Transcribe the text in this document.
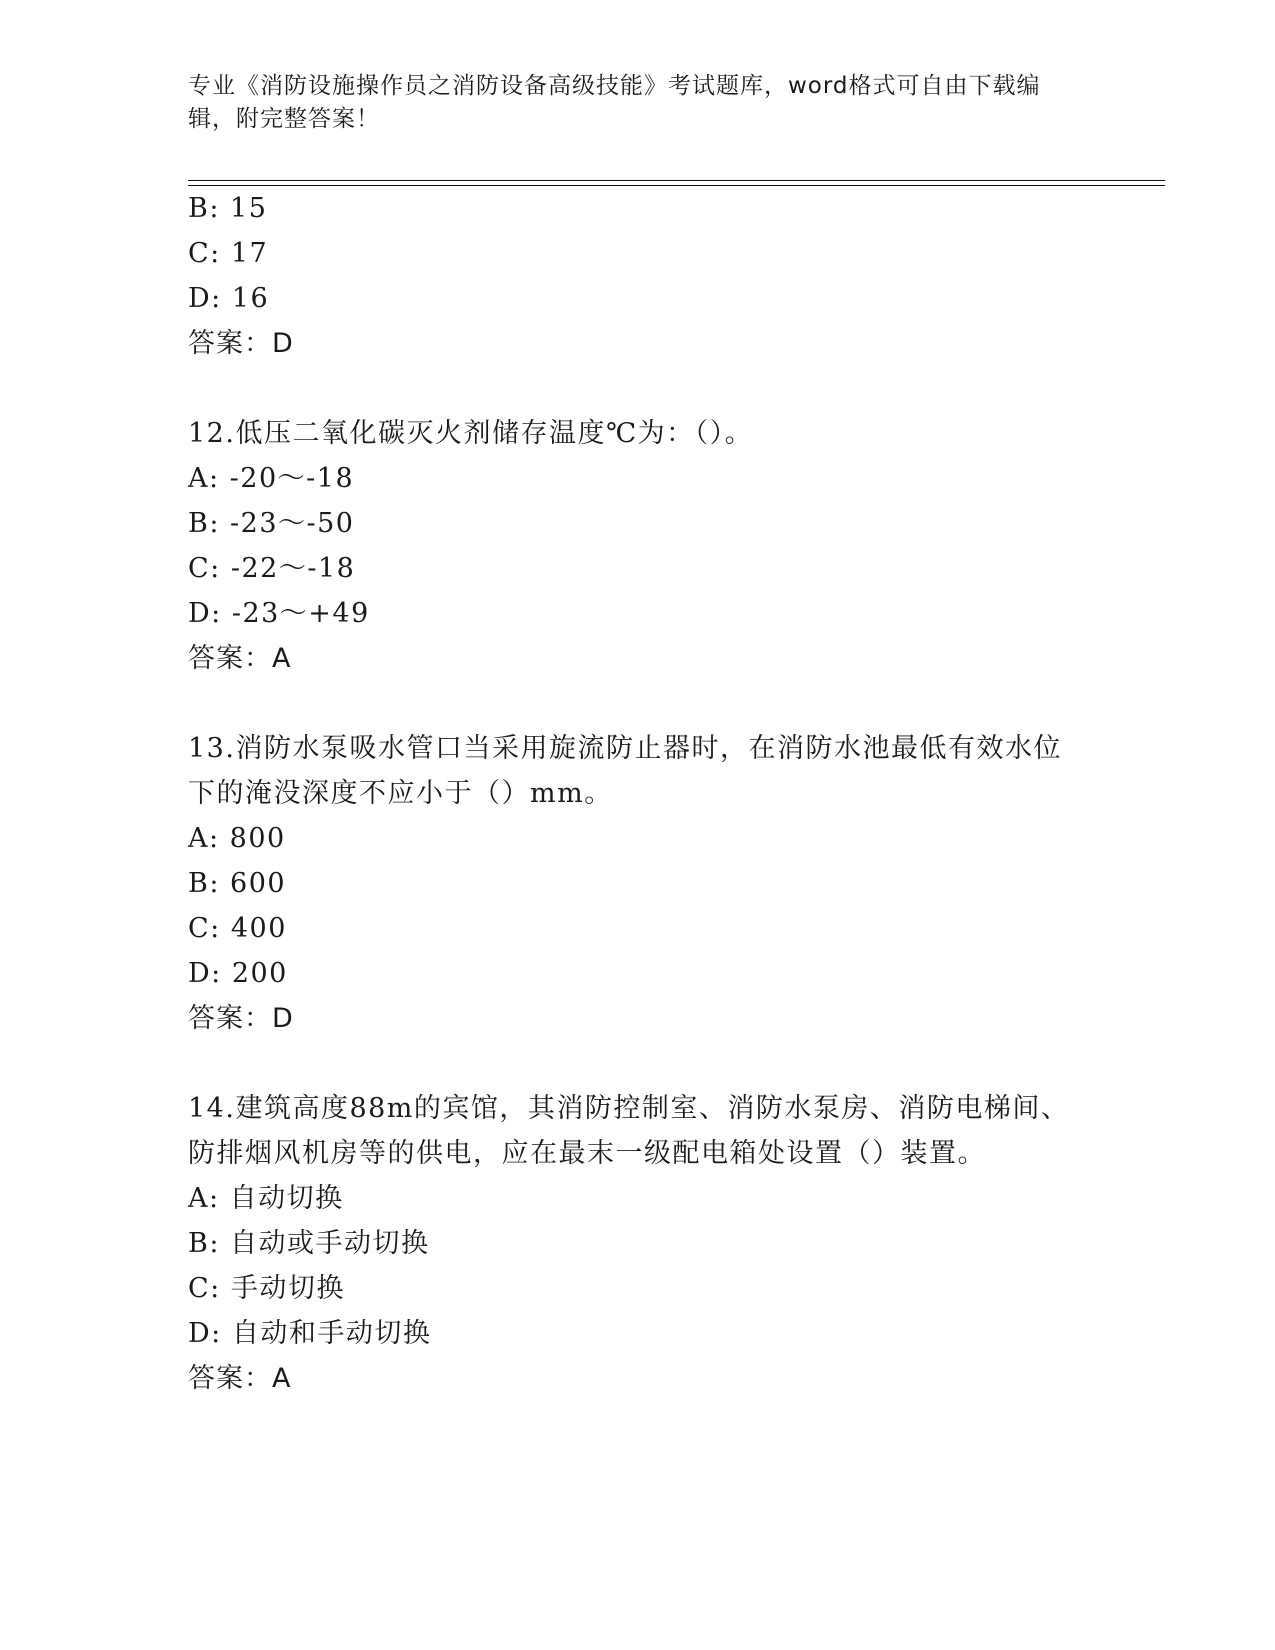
专业《消防设施操作员之消防设备高级技能》考试题库，word格式可自由下载编
辑，附完整答案！
B: 15
C: 17
D: 16
答案：D
12.低压二氧化碳灭火剂储存温度℃为：（）。
A: -20～-18
B: -23～-50
C: -22～-18
D: -23～+49
答案：A
13.消防水泵吸水管口当采用旋流防止器时，在消防水池最低有效水位
下的淹没深度不应小于（）mm。
A: 800
B: 600
C: 400
D: 200
答案：D
14.建筑高度88m的宾馆，其消防控制室、消防水泵房、消防电梯间、
防排烟风机房等的供电，应在最末一级配电箱处设置（）装置。
A: 自动切换
B: 自动或手动切换
C: 手动切换
D: 自动和手动切换
答案：A
